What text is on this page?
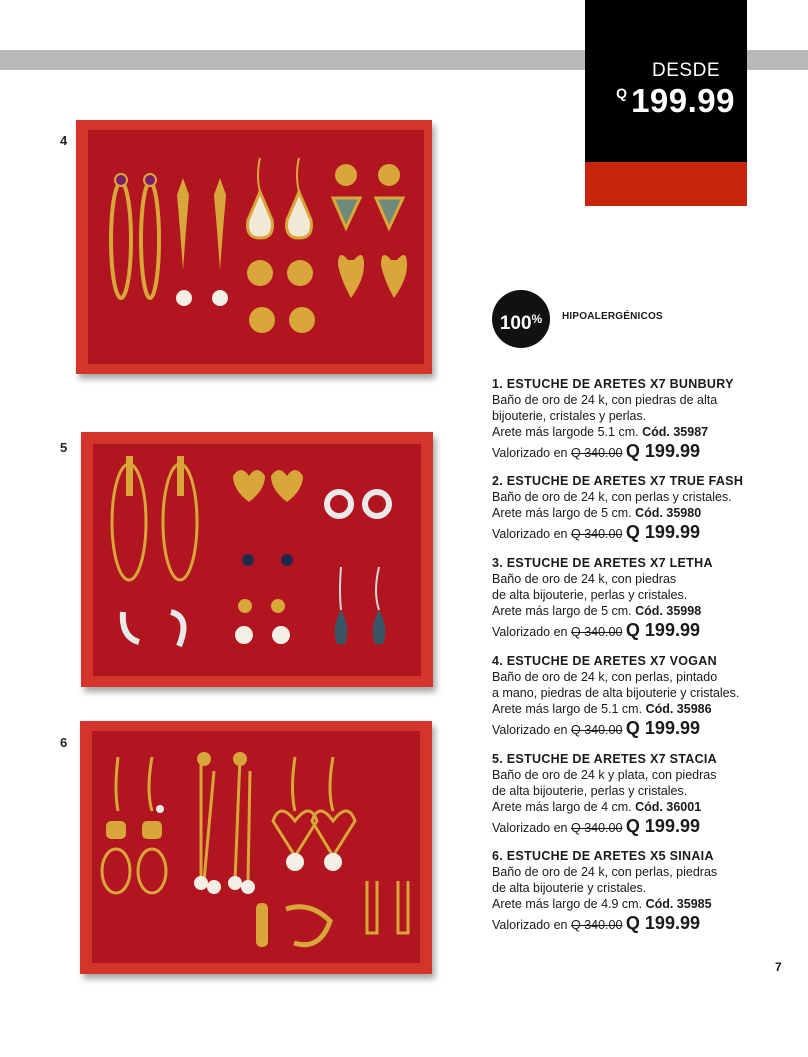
DESDE
Q 199.99
4
5
6
100%	HIPOALERGÉNICOS
1. ESTUCHE DE ARETES X7 BUNBURY
Baño de oro de 24 k, con piedras de alta
bijouterie, cristales y perlas.
Arete más largode 5.1 cm. Cód. 35987
Valorizado en Q 340.00 Q 199.99
2. ESTUCHE DE ARETES X7 TRUE FASH
Baño de oro de 24 k, con perlas y cristales.
Arete más largo de 5 cm. Cód. 35980
Valorizado en Q 340.00 Q 199.99
3. ESTUCHE DE ARETES X7 LETHA
Baño de oro de 24 k, con piedras
de alta bijouterie, perlas y cristales.
Arete más largo de 5 cm. Cód. 35998
Valorizado en Q 340.00 Q 199.99
4. ESTUCHE DE ARETES X7 VOGAN
Baño de oro de 24 k, con perlas, pintado
a mano, piedras de alta bijouterie y cristales.
Arete más largo de 5.1 cm. Cód. 35986
Valorizado en Q 340.00 Q 199.99
5. ESTUCHE DE ARETES X7 STACIA
Baño de oro de 24 k y plata, con piedras
de alta bijouterie, perlas y cristales.
Arete más largo de 4 cm. Cód. 36001
Valorizado en Q 340.00 Q 199.99
6. ESTUCHE DE ARETES X5 SINAIA
Baño de oro de 24 k, con perlas, piedras
de alta bijouterie y cristales.
Arete más largo de 4.9 cm. Cód. 35985
Valorizado en Q 340.00 Q 199.99
7
